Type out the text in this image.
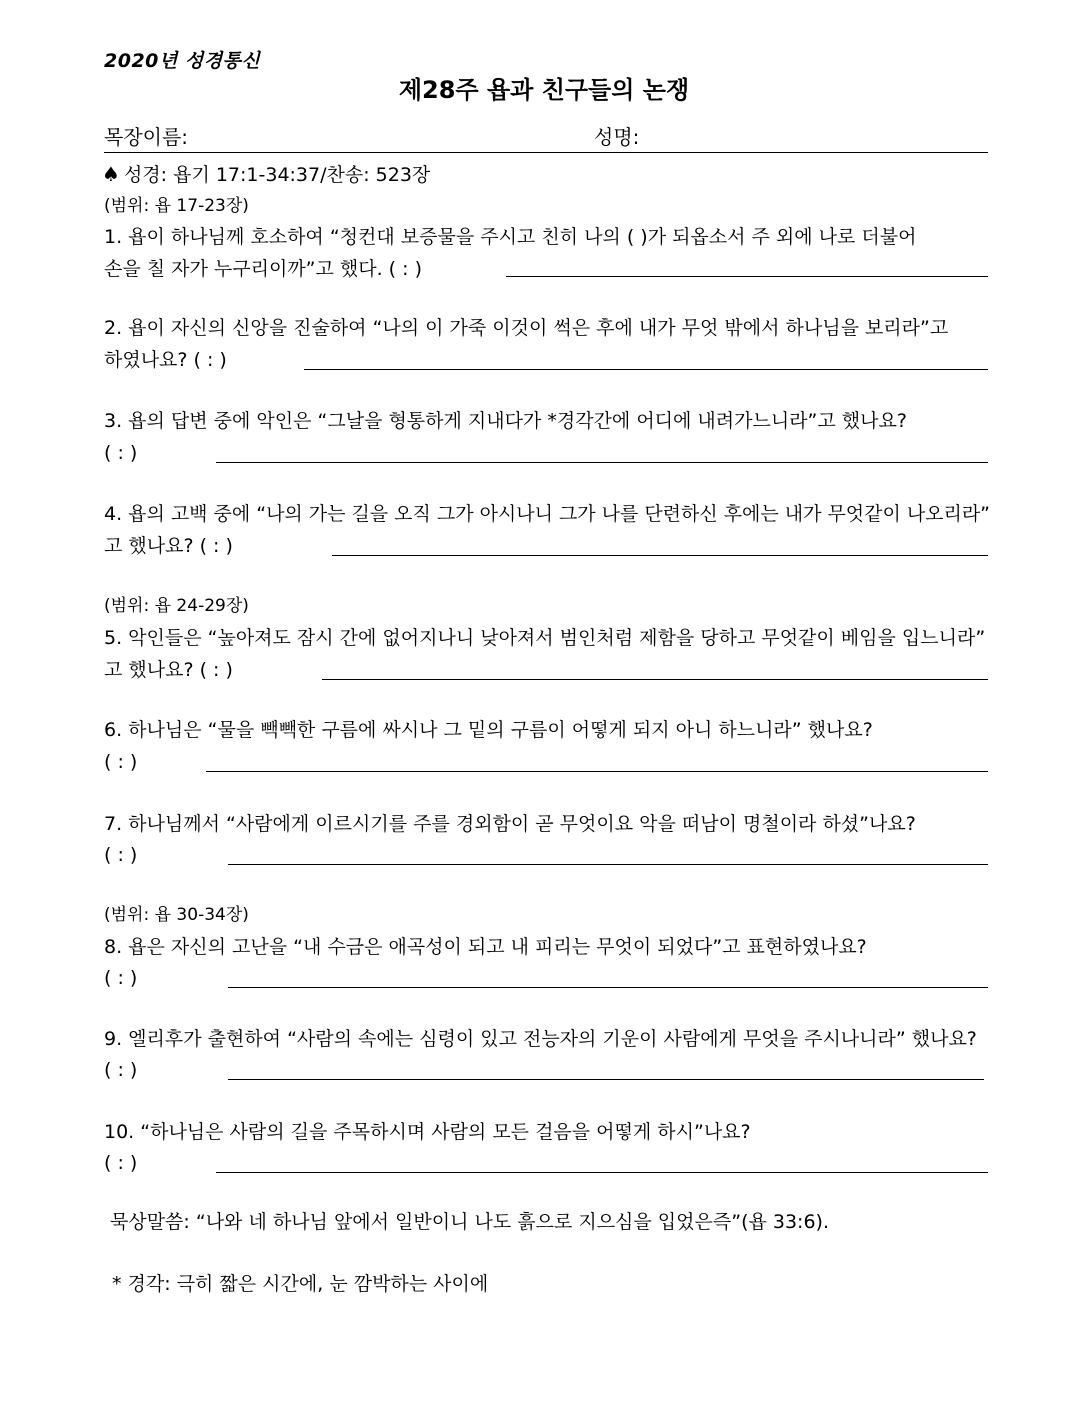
2020년 성경통신
제28주 욥과 친구들의 논쟁
목장이름:	성명:
♠ 성경: 욥기 17:1-34:37/찬송: 523장
(범위: 욥 17-23장)
1. 욥이 하나님께 호소하여 “청컨대 보증물을 주시고 친히 나의 ( )가 되옵소서 주 외에 나로 더불어
손을 칠 자가 누구리이까”고 했다. ( : )
2. 욥이 자신의 신앙을 진술하여 “나의 이 가죽 이것이 썩은 후에 내가 무엇 밖에서 하나님을 보리라”고
하였나요? ( : )
3. 욥의 답변 중에 악인은 “그날을 형통하게 지내다가 *경각간에 어디에 내려가느니라”고 했나요?
( : )
4. 욥의 고백 중에 “나의 가는 길을 오직 그가 아시나니 그가 나를 단련하신 후에는 내가 무엇같이 나오리라”
고 했나요? ( : )
(범위: 욥 24-29장)
5. 악인들은 “높아져도 잠시 간에 없어지나니 낮아져서 범인처럼 제함을 당하고 무엇같이 베임을 입느니라”
고 했나요? ( : )
6. 하나님은 “물을 빽빽한 구름에 싸시나 그 밑의 구름이 어떻게 되지 아니 하느니라” 했나요?
( : )
7. 하나님께서 “사람에게 이르시기를 주를 경외함이 곧 무엇이요 악을 떠남이 명철이라 하셨”나요?
( : )
(범위: 욥 30-34장)
8. 욥은 자신의 고난을 “내 수금은 애곡성이 되고 내 피리는 무엇이 되었다”고 표현하였나요?
( : )
9. 엘리후가 출현하여 “사람의 속에는 심령이 있고 전능자의 기운이 사람에게 무엇을 주시나니라” 했나요?
( : )
10. “하나님은 사람의 길을 주목하시며 사람의 모든 걸음을 어떻게 하시”나요?
( : )
묵상말씀: “나와 네 하나님 앞에서 일반이니 나도 흙으로 지으심을 입었은즉”(욥 33:6).
* 경각: 극히 짧은 시간에, 눈 깜박하는 사이에
